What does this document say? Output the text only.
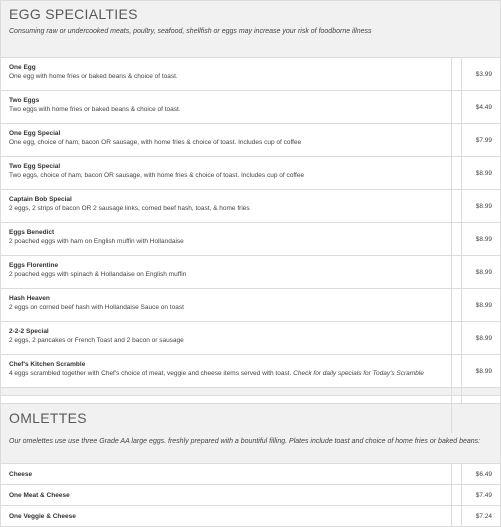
EGG SPECIALTIES
Consuming raw or undercooked meats, poultry, seafood, shellfish or eggs may increase your risk of foodborne illness		

One Egg
One egg with home fries or baked beans & choice of toast.		$3.99

Two Eggs
Two eggs with home fries or baked beans & choice of toast.		$4.49

One Egg Special
One egg, choice of ham, bacon OR sausage, with home fries & choice of toast. Includes cup of coffee		$7.99

Two Egg Special
Two eggs, choice of ham, bacon OR sausage, with home fries & choice of toast. Includes cup of coffee		$8.99

Captain Bob Special
2 eggs, 2 strips of bacon OR 2 sausage links, corned beef hash, toast, & home fries		$8.99

Eggs Benedict
2 poached eggs with ham on English muffin with Hollandaise		$8.99

Eggs Florentine
2 poached eggs with spinach & Hollandaise on English muffin		$8.99

Hash Heaven
2 eggs on corned beef hash with Hollandaise Sauce on toast		$8.99

2-2-2 Special
2 eggs, 2 pancakes or French Toast and 2 bacon or sausage		$8.99

Chef's Kitchen Scramble
4 eggs scrambled together with Chef's choice of meat, veggie and cheese items served with toast. Check for daily specials for Today's Scramble		$8.99

OMLETTES		

Our omelettes use use three Grade AA large eggs. freshly prepared with a bountiful filling. Plates include toast and choice of home fries or baked beans:		

Cheese		$6.49

One Meat & Cheese		$7.49

One Veggie & Cheese		$7.24
